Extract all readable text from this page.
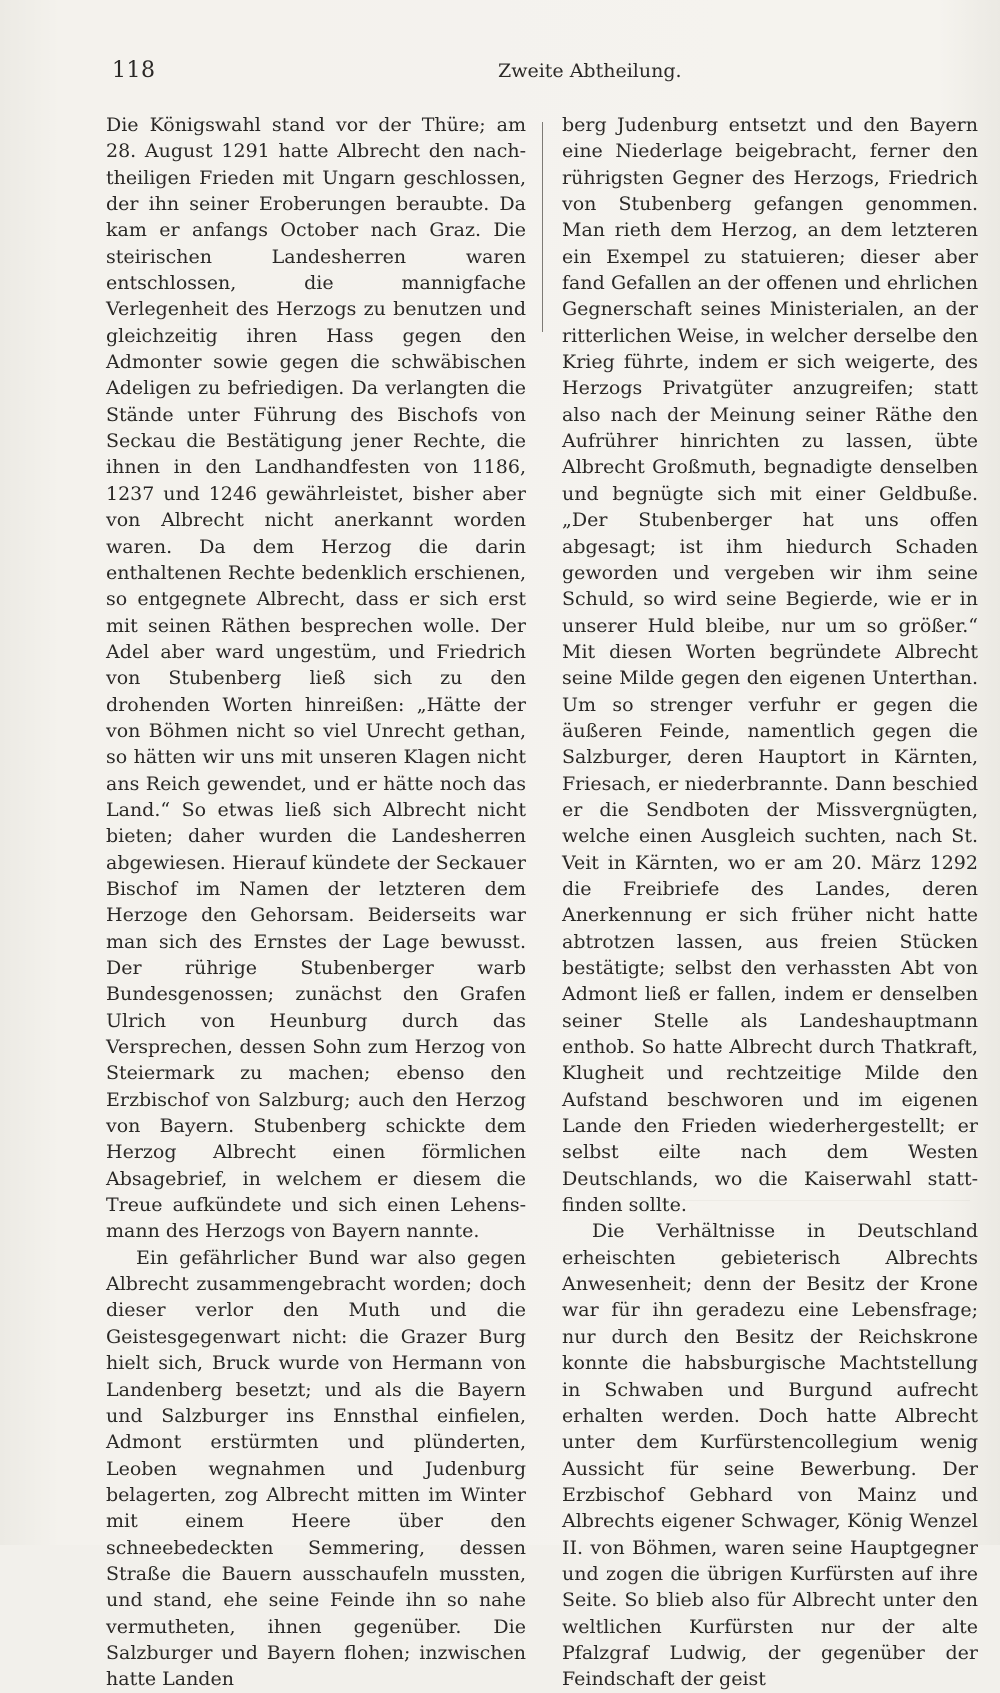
118	Zweite Abtheilung.

Die Königswahl stand vor der Thüre; am 28. August 1291 hatte Albrecht den nachtheiligen Frieden mit Ungarn geschlossen, der ihn seiner Eroberungen beraubte. Da kam er anfangs October nach Graz. Die steirischen Landesherren waren entschlossen, die mannigfache Verlegenheit des Herzogs zu benutzen und gleichzeitig ihren Hass gegen den Admonter sowie gegen die schwäbischen Adeligen zu befriedigen. Da verlangten die Stände unter Führung des Bischofs von Seckau die Bestätigung jener Rechte, die ihnen in den Landhandfesten von 1186, 1237 und 1246 gewährleistet, bisher aber von Albrecht nicht anerkannt worden waren. Da dem Herzog die darin enthaltenen Rechte bedenklich erschienen, so entgegnete Albrecht, dass er sich erst mit seinen Räthen besprechen wolle. Der Adel aber ward ungestüm, und Friedrich von Stubenberg ließ sich zu den drohenden Worten hinreißen: „Hätte der von Böhmen nicht so viel Unrecht gethan, so hätten wir uns mit unseren Klagen nicht ans Reich gewendet, und er hätte noch das Land.“ So etwas ließ sich Albrecht nicht bieten; daher wurden die Landesherren abgewiesen. Hierauf kündete der Seckauer Bischof im Namen der letzteren dem Herzoge den Gehorsam. Beiderseits war man sich des Ernstes der Lage bewusst. Der rührige Stubenberger warb Bundesgenossen; zunächst den Grafen Ulrich von Heunburg durch das Versprechen, dessen Sohn zum Herzog von Steiermark zu machen; ebenso den Erzbischof von Salzburg; auch den Herzog von Bayern. Stubenberg schickte dem Herzog Albrecht einen förmlichen Absagebrief, in welchem er diesem die Treue aufkündete und sich einen Lehensmann des Herzogs von Bayern nannte.

Ein gefährlicher Bund war also gegen Albrecht zusammengebracht worden; doch dieser verlor den Muth und die Geistesgegenwart nicht: die Grazer Burg hielt sich, Bruck wurde von Hermann von Landenberg besetzt; und als die Bayern und Salzburger ins Ennsthal einfielen, Admont erstürmten und plünderten, Leoben wegnahmen und Judenburg belagerten, zog Albrecht mitten im Winter mit einem Heere über den schneebedeckten Semmering, dessen Straße die Bauern ausschaufeln mussten, und stand, ehe seine Feinde ihn so nahe vermutheten, ihnen gegenüber. Die Salzburger und Bayern flohen; inzwischen hatte Landen

berg Judenburg entsetzt und den Bayern eine Niederlage beigebracht, ferner den rührigsten Gegner des Herzogs, Friedrich von Stubenberg gefangen genommen. Man rieth dem Herzog, an dem letzteren ein Exempel zu statuieren; dieser aber fand Gefallen an der offenen und ehrlichen Gegnerschaft seines Ministerialen, an der ritterlichen Weise, in welcher derselbe den Krieg führte, indem er sich weigerte, des Herzogs Privatgüter anzugreifen; statt also nach der Meinung seiner Räthe den Aufrührer hinrichten zu lassen, übte Albrecht Großmuth, begnadigte denselben und begnügte sich mit einer Geldbuße. „Der Stubenberger hat uns offen abgesagt; ist ihm hiedurch Schaden geworden und vergeben wir ihm seine Schuld, so wird seine Begierde, wie er in unserer Huld bleibe, nur um so größer.“ Mit diesen Worten begründete Albrecht seine Milde gegen den eigenen Unterthan. Um so strenger verfuhr er gegen die äußeren Feinde, namentlich gegen die Salzburger, deren Hauptort in Kärnten, Friesach, er niederbrannte. Dann beschied er die Sendboten der Missvergnügten, welche einen Ausgleich suchten, nach St. Veit in Kärnten, wo er am 20. März 1292 die Freibriefe des Landes, deren Anerkennung er sich früher nicht hatte abtrotzen lassen, aus freien Stücken bestätigte; selbst den verhassten Abt von Admont ließ er fallen, indem er denselben seiner Stelle als Landeshauptmann enthob. So hatte Albrecht durch Thatkraft, Klugheit und rechtzeitige Milde den Aufstand beschworen und im eigenen Lande den Frieden wiederhergestellt; er selbst eilte nach dem Westen Deutschlands, wo die Kaiserwahl stattfinden sollte.

Die Verhältnisse in Deutschland erheischten gebieterisch Albrechts Anwesenheit; denn der Besitz der Krone war für ihn geradezu eine Lebensfrage; nur durch den Besitz der Reichskrone konnte die habsburgische Machtstellung in Schwaben und Burgund aufrecht erhalten werden. Doch hatte Albrecht unter dem Kurfürstencollegium wenig Aussicht für seine Bewerbung. Der Erzbischof Gebhard von Mainz und Albrechts eigener Schwager, König Wenzel II. von Böhmen, waren seine Hauptgegner und zogen die übrigen Kurfürsten auf ihre Seite. So blieb also für Albrecht unter den weltlichen Kurfürsten nur der alte Pfalzgraf Ludwig, der gegenüber der Feindschaft der geist
